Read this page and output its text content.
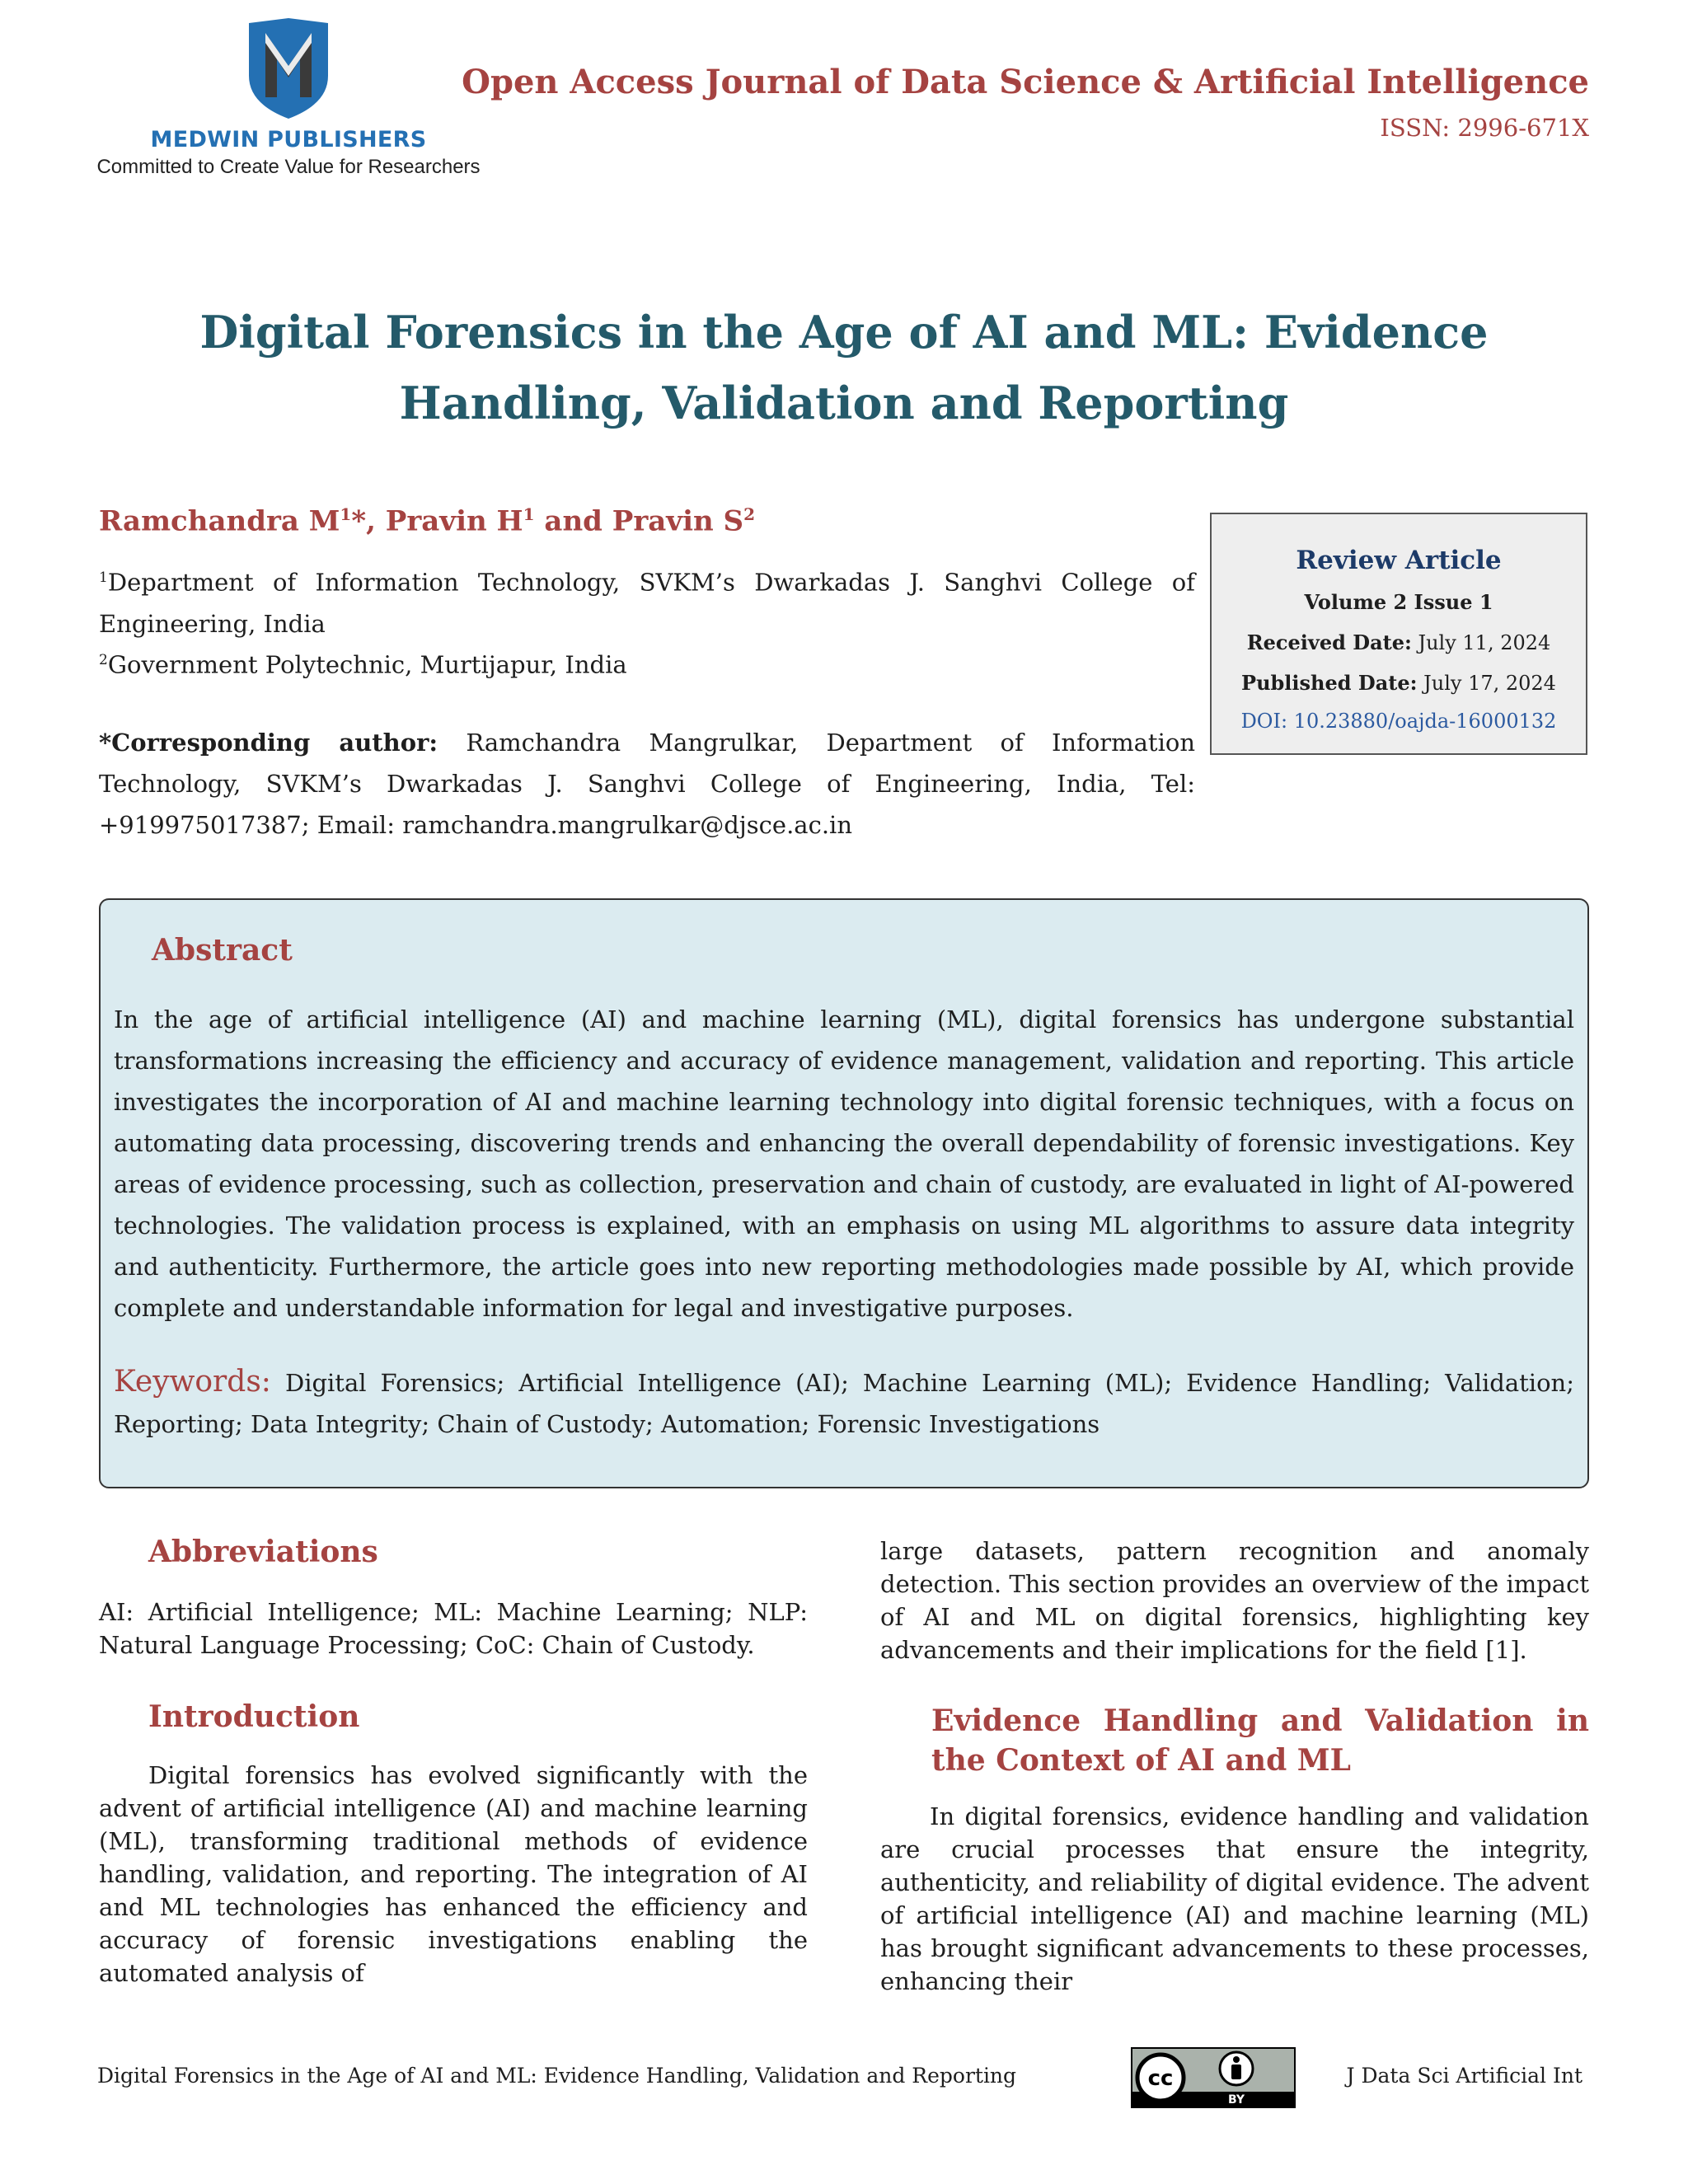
MEDWIN PUBLISHERS
Committed to Create Value for Researchers
Open Access Journal of Data Science & Artificial Intelligence
ISSN: 2996-671X
Digital Forensics in the Age of AI and ML: Evidence Handling, Validation and Reporting
Ramchandra $M^1*$, Pravin $H^1$ and Pravin $S^2$
$^1$Department of Information Technology, SVKM’s Dwarkadas J. Sanghvi College of Engineering, India
$^2$Government Polytechnic, Murtijapur, India
*Corresponding author: Ramchandra Mangrulkar, Department of Information Technology, SVKM’s Dwarkadas J. Sanghvi College of Engineering, India, Tel: +919975017387; Email: ramchandra.mangrulkar@djsce.ac.in
Review Article
Volume 2 Issue 1
Received Date: July 11, 2024
Published Date: July 17, 2024
DOI: 10.23880/oajda-16000132
Abstract
In the age of artificial intelligence (AI) and machine learning (ML), digital forensics has undergone substantial transformations increasing the efficiency and accuracy of evidence management, validation and reporting. This article investigates the incorporation of AI and machine learning technology into digital forensic techniques, with a focus on automating data processing, discovering trends and enhancing the overall dependability of forensic investigations. Key areas of evidence processing, such as collection, preservation and chain of custody, are evaluated in light of AI-powered technologies. The validation process is explained, with an emphasis on using ML algorithms to assure data integrity and authenticity. Furthermore, the article goes into new reporting methodologies made possible by AI, which provide complete and understandable information for legal and investigative purposes.
Keywords: Digital Forensics; Artificial Intelligence (AI); Machine Learning (ML); Evidence Handling; Validation; Reporting; Data Integrity; Chain of Custody; Automation; Forensic Investigations
Abbreviations
AI: Artificial Intelligence; ML: Machine Learning; NLP: Natural Language Processing; CoC: Chain of Custody.
Introduction
Digital forensics has evolved significantly with the advent of artificial intelligence (AI) and machine learning (ML), transforming traditional methods of evidence handling, validation, and reporting. The integration of AI and ML technologies has enhanced the efficiency and accuracy of forensic investigations enabling the automated analysis of
large datasets, pattern recognition and anomaly detection. This section provides an overview of the impact of AI and ML on digital forensics, highlighting key advancements and their implications for the field [1].
Evidence Handling and Validation in the Context of AI and ML
In digital forensics, evidence handling and validation are crucial processes that ensure the integrity, authenticity, and reliability of digital evidence. The advent of artificial intelligence (AI) and machine learning (ML) has brought significant advancements to these processes, enhancing their
Digital Forensics in the Age of AI and ML: Evidence Handling, Validation and Reporting	cc
BY
J Data Sci Artificial Int
